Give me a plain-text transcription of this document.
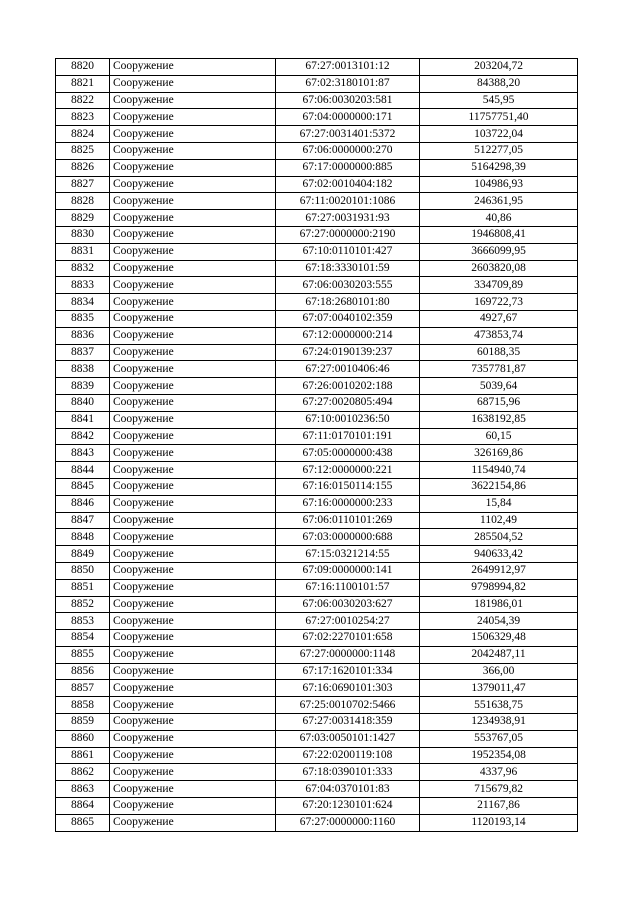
8820	Сооружение	67:27:0013101:12	203204,72
8821	Сооружение	67:02:3180101:87	84388,20
8822	Сооружение	67:06:0030203:581	545,95
8823	Сооружение	67:04:0000000:171	11757751,40
8824	Сооружение	67:27:0031401:5372	103722,04
8825	Сооружение	67:06:0000000:270	512277,05
8826	Сооружение	67:17:0000000:885	5164298,39
8827	Сооружение	67:02:0010404:182	104986,93
8828	Сооружение	67:11:0020101:1086	246361,95
8829	Сооружение	67:27:0031931:93	40,86
8830	Сооружение	67:27:0000000:2190	1946808,41
8831	Сооружение	67:10:0110101:427	3666099,95
8832	Сооружение	67:18:3330101:59	2603820,08
8833	Сооружение	67:06:0030203:555	334709,89
8834	Сооружение	67:18:2680101:80	169722,73
8835	Сооружение	67:07:0040102:359	4927,67
8836	Сооружение	67:12:0000000:214	473853,74
8837	Сооружение	67:24:0190139:237	60188,35
8838	Сооружение	67:27:0010406:46	7357781,87
8839	Сооружение	67:26:0010202:188	5039,64
8840	Сооружение	67:27:0020805:494	68715,96
8841	Сооружение	67:10:0010236:50	1638192,85
8842	Сооружение	67:11:0170101:191	60,15
8843	Сооружение	67:05:0000000:438	326169,86
8844	Сооружение	67:12:0000000:221	1154940,74
8845	Сооружение	67:16:0150114:155	3622154,86
8846	Сооружение	67:16:0000000:233	15,84
8847	Сооружение	67:06:0110101:269	1102,49
8848	Сооружение	67:03:0000000:688	285504,52
8849	Сооружение	67:15:0321214:55	940633,42
8850	Сооружение	67:09:0000000:141	2649912,97
8851	Сооружение	67:16:1100101:57	9798994,82
8852	Сооружение	67:06:0030203:627	181986,01
8853	Сооружение	67:27:0010254:27	24054,39
8854	Сооружение	67:02:2270101:658	1506329,48
8855	Сооружение	67:27:0000000:1148	2042487,11
8856	Сооружение	67:17:1620101:334	366,00
8857	Сооружение	67:16:0690101:303	1379011,47
8858	Сооружение	67:25:0010702:5466	551638,75
8859	Сооружение	67:27:0031418:359	1234938,91
8860	Сооружение	67:03:0050101:1427	553767,05
8861	Сооружение	67:22:0200119:108	1952354,08
8862	Сооружение	67:18:0390101:333	4337,96
8863	Сооружение	67:04:0370101:83	715679,82
8864	Сооружение	67:20:1230101:624	21167,86
8865	Сооружение	67:27:0000000:1160	1120193,14
